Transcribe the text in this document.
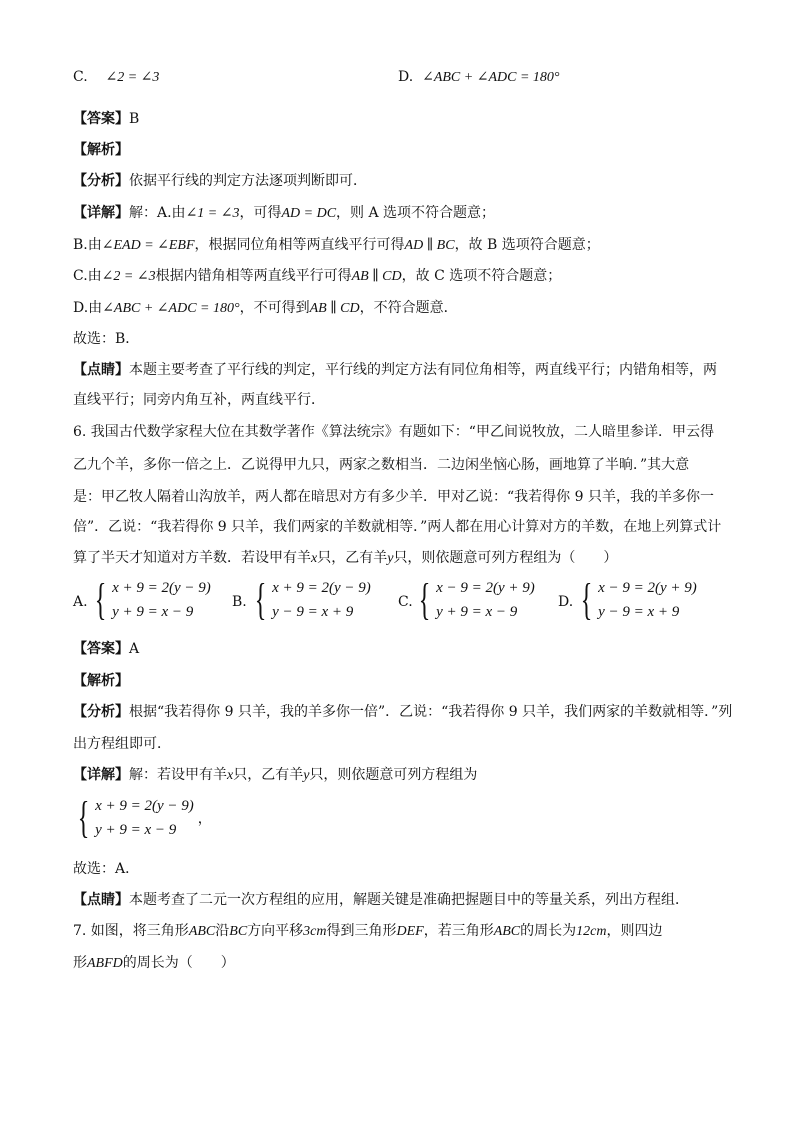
C. ∠2 = ∠3	D. ∠ABC + ∠ADC = 180°
【答案】B
【解析】
【分析】依据平行线的判定方法逐项判断即可．
【详解】解：A.由∠1 = ∠3，可得AD = DC，则 A 选项不符合题意；
B.由∠EAD = ∠EBF，根据同位角相等两直线平行可得AD ∥ BC，故 B 选项符合题意；
C.由∠2 = ∠3根据内错角相等两直线平行可得AB ∥ CD，故 C 选项不符合题意；
D.由∠ABC + ∠ADC = 180°，不可得到AB ∥ CD，不符合题意．
故选：B．
【点睛】本题主要考查了平行线的判定，平行线的判定方法有同位角相等，两直线平行；内错角相等，两
直线平行；同旁内角互补，两直线平行．
6. 我国古代数学家程大位在其数学著作《算法统宗》有题如下：“甲乙间说牧放，二人暗里参详．甲云得
乙九个羊，多你一倍之上．乙说得甲九只，两家之数相当．二边闲坐恼心肠，画地算了半晌．”其大意
是：甲乙牧人隔着山沟放羊，两人都在暗思对方有多少羊．甲对乙说：“我若得你 9 只羊，我的羊多你一
倍”．乙说：“我若得你 9 只羊，我们两家的羊数就相等．”两人都在用心计算对方的羊数，在地上列算式计
算了半天才知道对方羊数．若设甲有羊x只，乙有羊y只，则依题意可列方程组为（　　）
A. { x + 9 = 2(y − 9)
y + 9 = x − 9
B. { x + 9 = 2(y − 9)
y − 9 = x + 9
C. { x − 9 = 2(y + 9)
y + 9 = x − 9
D. { x − 9 = 2(y + 9)
y − 9 = x + 9
【答案】A
【解析】
【分析】根据“我若得你 9 只羊，我的羊多你一倍”．乙说：“我若得你 9 只羊，我们两家的羊数就相等．”列
出方程组即可．
【详解】解：若设甲有羊x只，乙有羊y只，则依题意可列方程组为
{ x + 9 = 2(y − 9)
y + 9 = x − 9
，
故选：A．
【点睛】本题考查了二元一次方程组的应用，解题关键是准确把握题目中的等量关系，列出方程组．
7. 如图，将三角形ABC沿BC方向平移3cm得到三角形DEF，若三角形ABC的周长为12cm，则四边
形ABFD的周长为（　　）
